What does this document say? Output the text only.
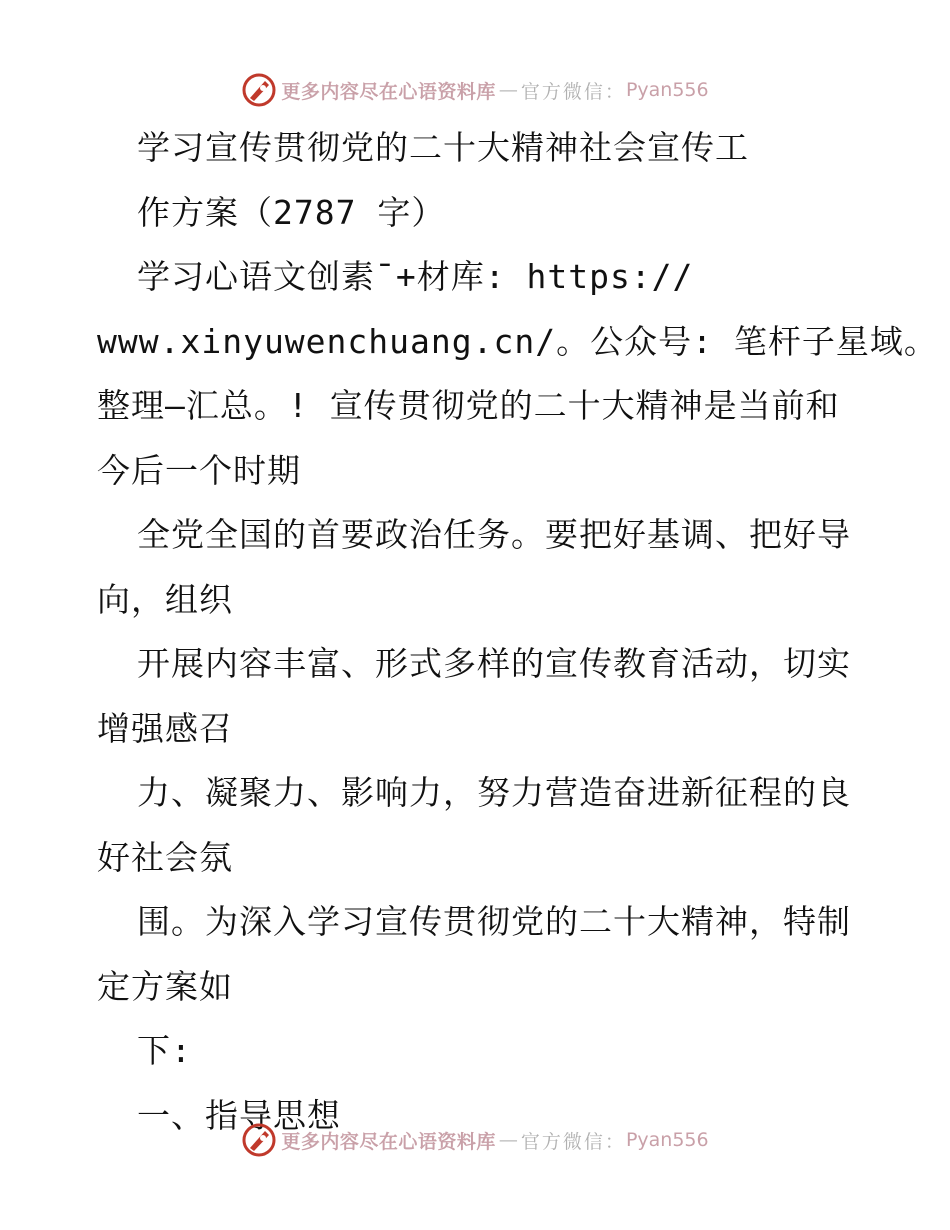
更多内容尽在心语资料库 — 官方微信： Pyan556
学习宣传贯彻党的二十大精神社会宣传工
作方案（2787 字）
学习心语文创素¯+材库: https://
www.xinyuwenchuang.cn/。公众号: 笔杆子星域。
整理—汇总。! 宣传贯彻党的二十大精神是当前和
今后一个时期
全党全国的首要政治任务。要把好基调、把好导
向，组织
开展内容丰富、形式多样的宣传教育活动，切实
增强感召
力、凝聚力、影响力，努力营造奋进新征程的良
好社会氛
围。为深入学习宣传贯彻党的二十大精神，特制
定方案如
下:
一、指导思想
更多内容尽在心语资料库 — 官方微信： Pyan556
